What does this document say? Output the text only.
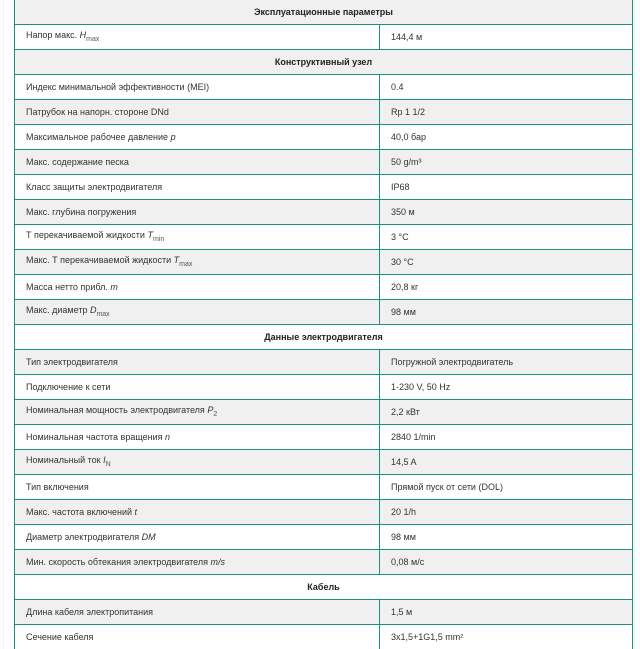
Эксплуатационные параметры	
Напор макс. $H_{max}$	144,4 м
Конструктивный узел	
Индекс минимальной эффективности (MEI)	0.4
Патрубок на напорн. стороне DNd	Rp 1 1/2
Максимальное рабочее давление p	40,0 бар
Макс. содержание песка	50 g/m³
Класс защиты электродвигателя	IP68
Макс. глубина погружения	350 м
Т перекачиваемой жидкости $T_{min}$	3 °C
Макс. Т перекачиваемой жидкости $T_{max}$	30 °C
Масса нетто прибл. m	20,8 кг
Макс. диаметр $D_{max}$	98 мм
Данные электродвигателя	
Тип электродвигателя	Погружной электродвигатель
Подключение к сети	1-230 V, 50 Hz
Номинальная мощность электродвигателя $P_2$	2,2 кВт
Номинальная частота вращения n	2840 1/min
Номинальный ток $I_N$	14,5 A
Тип включения	Прямой пуск от сети (DOL)
Макс. частота включений t	20 1/h
Диаметр электродвигателя DM	98 мм
Мин. скорость обтекания электродвигателя m/s	0,08 м/с
Кабель	
Длина кабеля электропитания	1,5 м
Сечение кабеля	3x1,5+1G1,5 mm²
